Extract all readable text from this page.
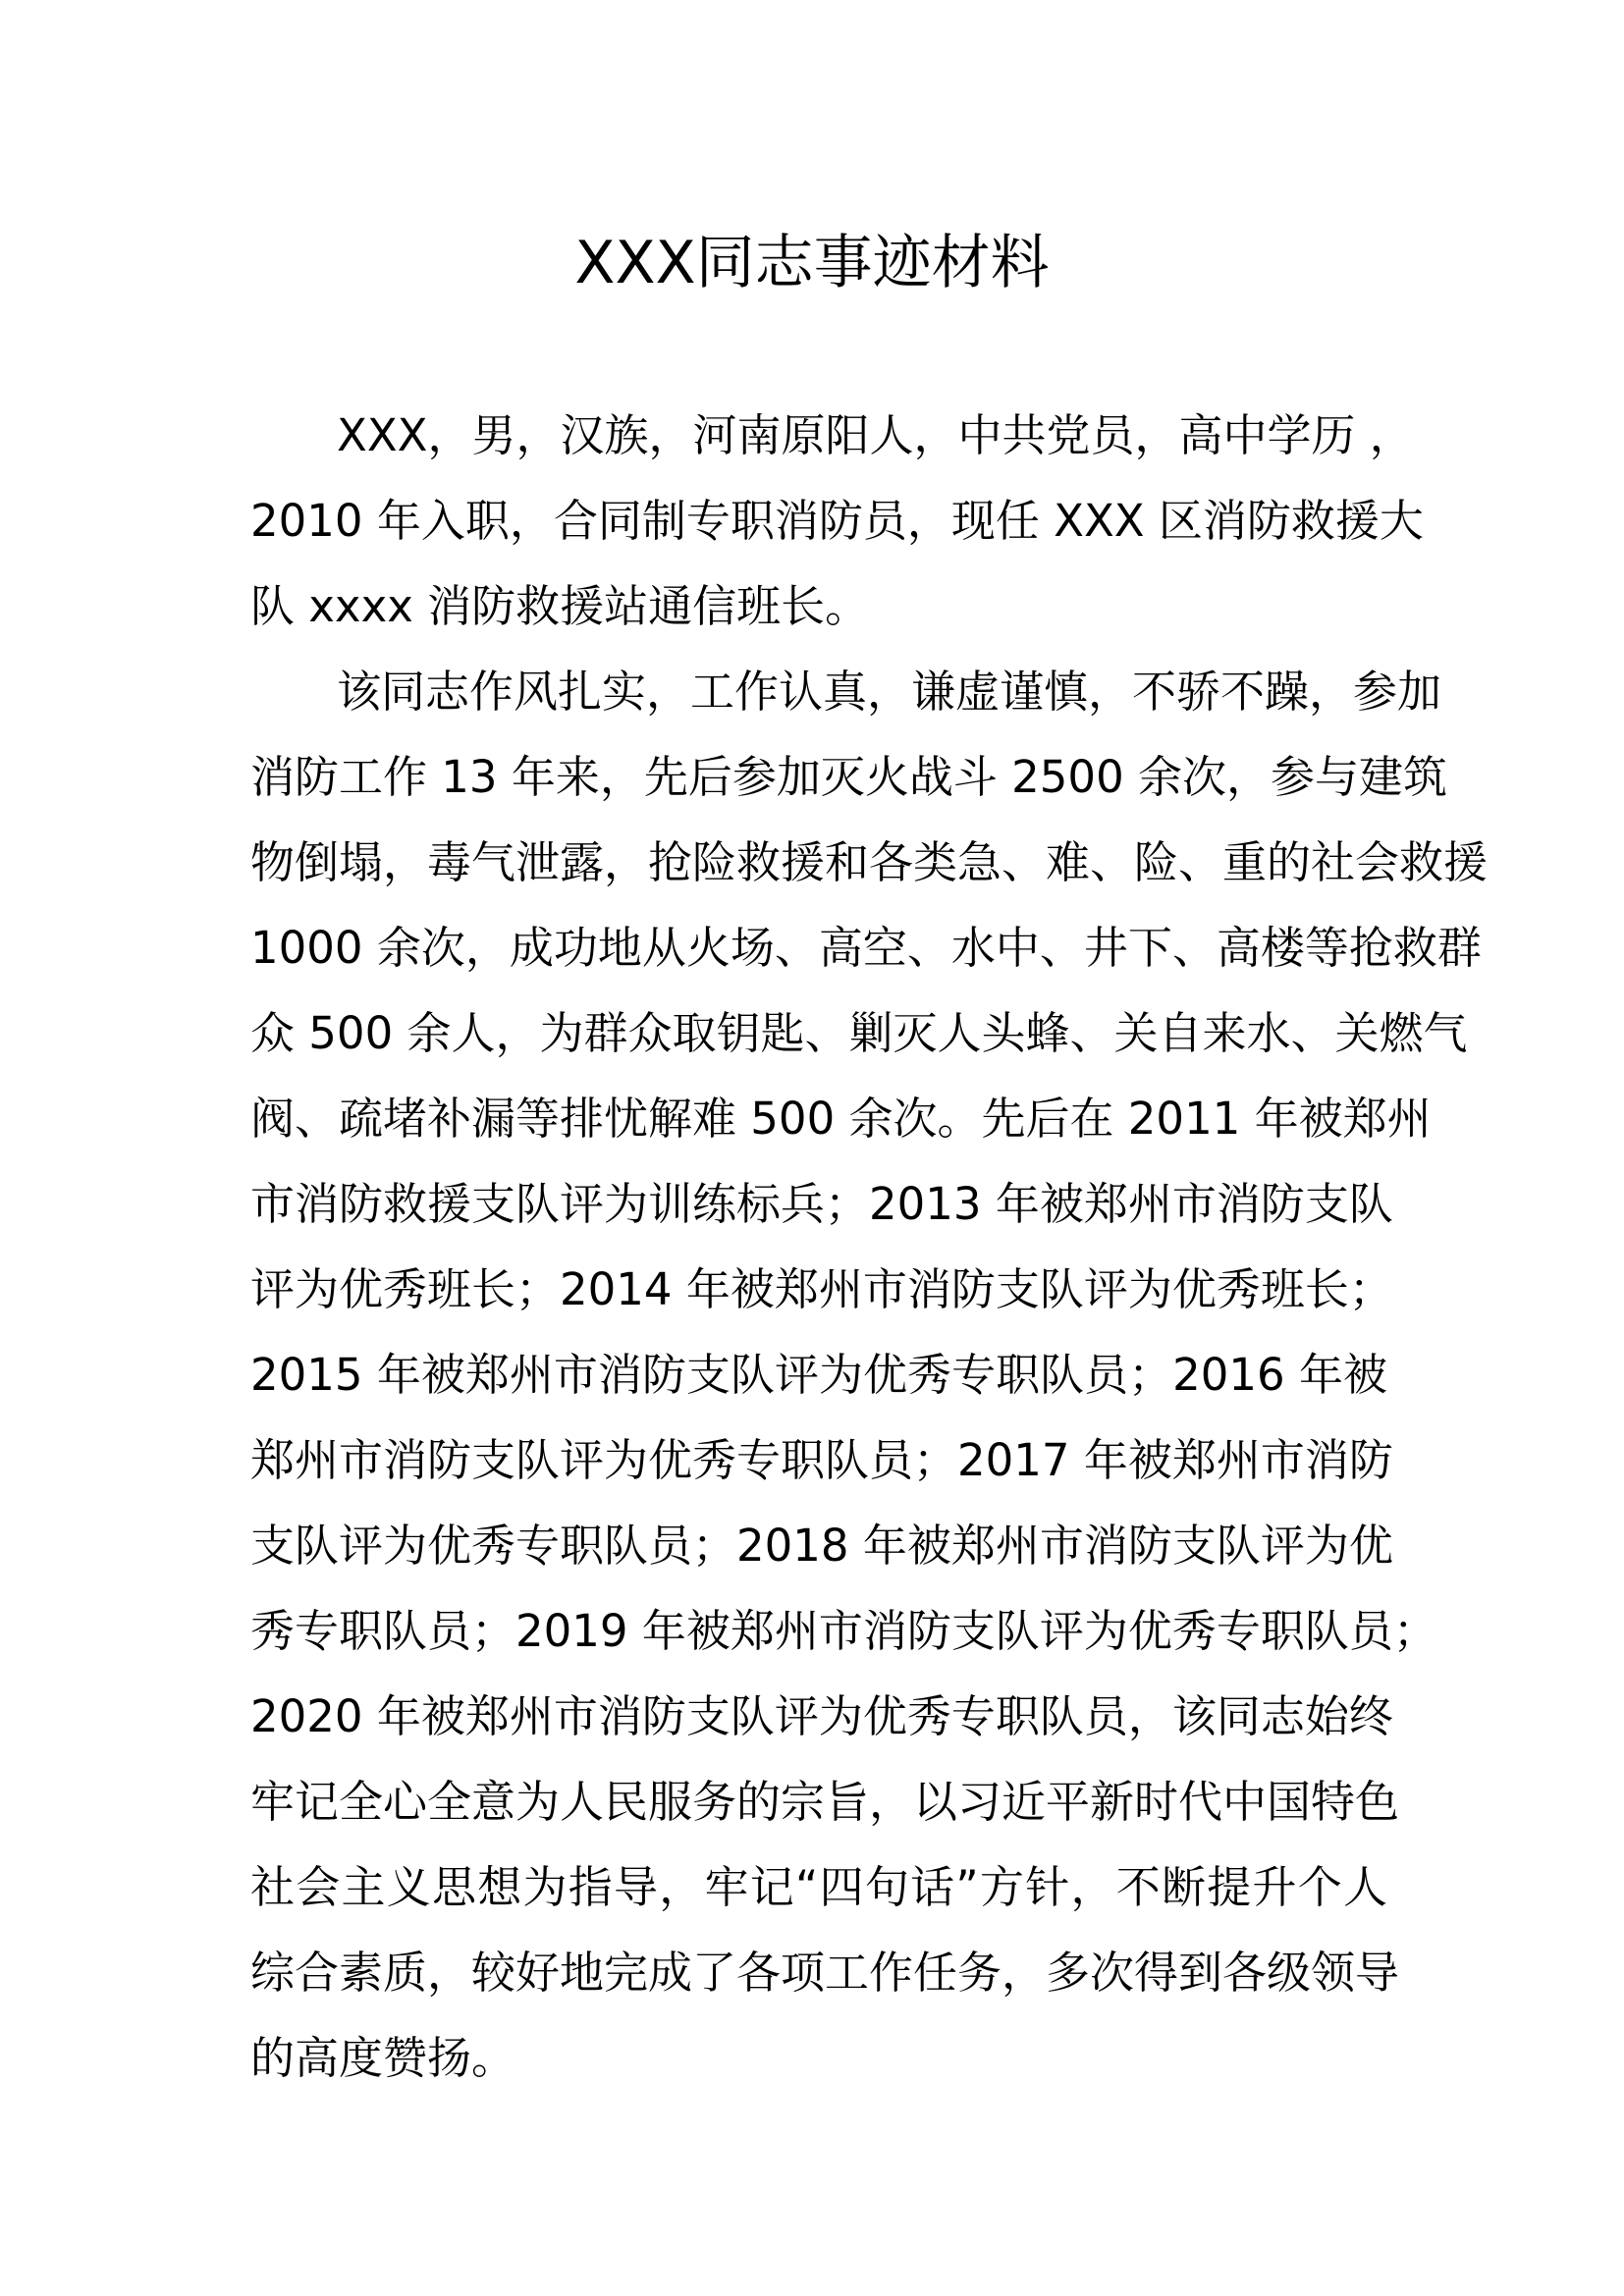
XXX同志事迹材料
XXX，男，汉族，河南原阳人，中共党员，高中学历 ，
2010 年入职，合同制专职消防员，现任 XXX 区消防救援大
队 xxxx 消防救援站通信班长。
该同志作风扎实，工作认真，谦虚谨慎，不骄不躁，参加
消防工作 13 年来，先后参加灭火战斗 2500 余次，参与建筑
物倒塌，毒气泄露，抢险救援和各类急、难、险、重的社会救援
1000 余次，成功地从火场、高空、水中、井下、高楼等抢救群
众 500 余人，为群众取钥匙、剿灭人头蜂、关自来水、关燃气
阀、疏堵补漏等排忧解难 500 余次。先后在 2011 年被郑州
市消防救援支队评为训练标兵；2013 年被郑州市消防支队
评为优秀班长；2014 年被郑州市消防支队评为优秀班长；
2015 年被郑州市消防支队评为优秀专职队员；2016 年被
郑州市消防支队评为优秀专职队员；2017 年被郑州市消防
支队评为优秀专职队员；2018 年被郑州市消防支队评为优
秀专职队员；2019 年被郑州市消防支队评为优秀专职队员；
2020 年被郑州市消防支队评为优秀专职队员，该同志始终
牢记全心全意为人民服务的宗旨，以习近平新时代中国特色
社会主义思想为指导，牢记“四句话”方针，不断提升个人
综合素质，较好地完成了各项工作任务，多次得到各级领导
的高度赞扬。
